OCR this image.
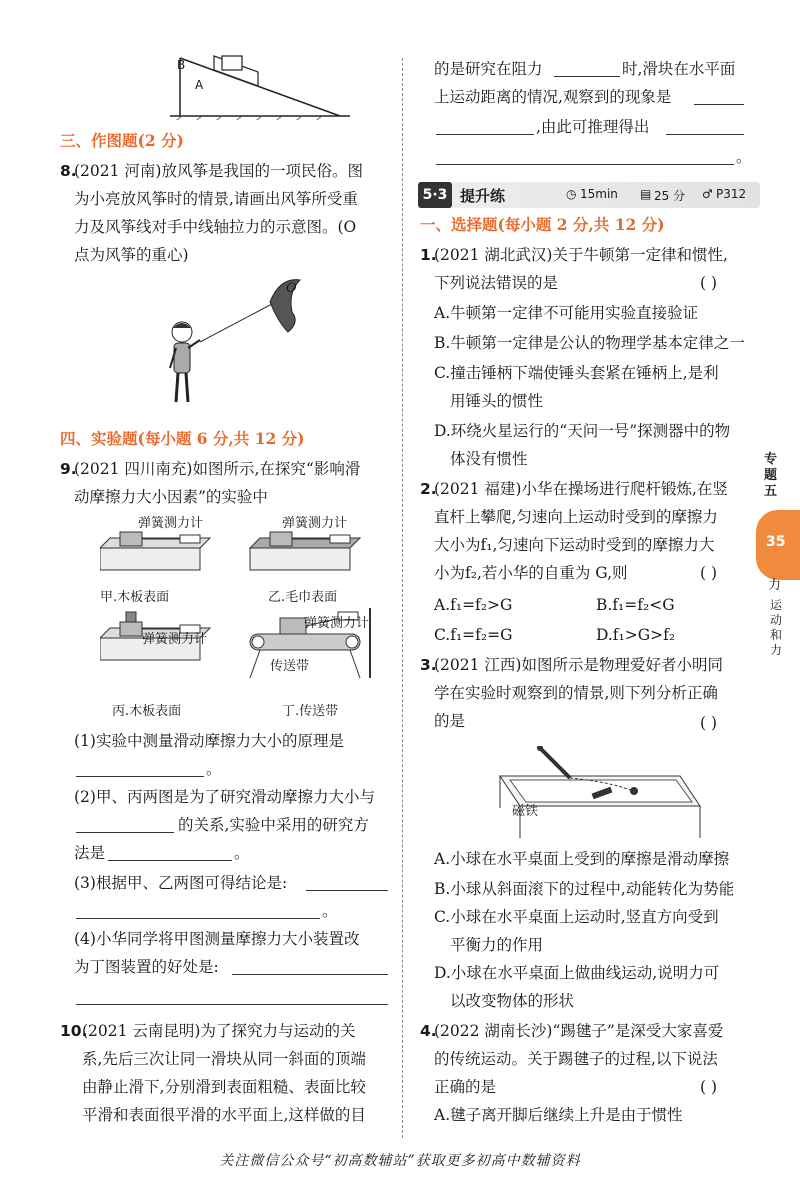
B
A
三、作图题(2 分)
8.
(2021 河南)放风筝是我国的一项民俗。图
为小亮放风筝时的情景,请画出风筝所受重
力及风筝线对手中线轴拉力的示意图。(O
点为风筝的重心)
O
四、实验题(每小题 6 分,共 12 分)
9.
(2021 四川南充)如图所示,在探究“影响滑
动摩擦力大小因素”的实验中
弹簧测力计	弹簧测力计
弹簧测力计
弹簧测力计
传送带
甲.木板表面	乙.毛巾表面
丙.木板表面	丁.传送带
(1)实验中测量滑动摩擦力大小的原理是
。
(2)甲、丙两图是为了研究滑动摩擦力大小与
的关系,实验中采用的研究方
法是	。
(3)根据甲、乙两图可得结论是:
。
(4)小华同学将甲图测量摩擦力大小装置改
为丁图装置的好处是:
10.
(2021 云南昆明)为了探究力与运动的关
系,先后三次让同一滑块从同一斜面的顶端
由静止滑下,分别滑到表面粗糙、表面比较
平滑和表面很平滑的水平面上,这样做的目
的是研究在阻力	时,滑块在水平面
上运动距离的情况,观察到的现象是
,由此可推理得出
。
5·3 提升练	◷ 15min ▤ 25 分 ♂ P312
一、选择题(每小题 2 分,共 12 分)
1.
(2021 湖北武汉)关于牛顿第一定律和惯性,
下列说法错误的是	( )
A.牛顿第一定律不可能用实验直接验证
B.牛顿第一定律是公认的物理学基本定律之一
C.撞击锤柄下端使锤头套紧在锤柄上,是利
用锤头的惯性
D.环绕火星运行的“天问一号”探测器中的物
体没有惯性
2.
(2021 福建)小华在操场进行爬杆锻炼,在竖
直杆上攀爬,匀速向上运动时受到的摩擦力
大小为f₁,匀速向下运动时受到的摩擦力大
小为f₂,若小华的自重为 G,则	( )
A.f₁=f₂>G	B.f₁=f₂<G
C.f₁=f₂=G	D.f₁>G>f₂
3.
(2021 江西)如图所示是物理爱好者小明同
学在实验时观察到的情景,则下列分析正确
的是	( )
磁铁
A.小球在水平桌面上受到的摩擦是滑动摩擦
B.小球从斜面滚下的过程中,动能转化为势能
C.小球在水平桌面上运动时,竖直方向受到
平衡力的作用
D.小球在水平桌面上做曲线运动,说明力可
以改变物体的形状
4.
(2022 湖南长沙)“踢毽子”是深受大家喜爱
的传统运动。关于踢毽子的过程,以下说法
正确的是	( )
A.毽子离开脚后继续上升是由于惯性
专题五
35
力
运动和力
关注微信公众号“初高数辅站”获取更多初高中数辅资料
